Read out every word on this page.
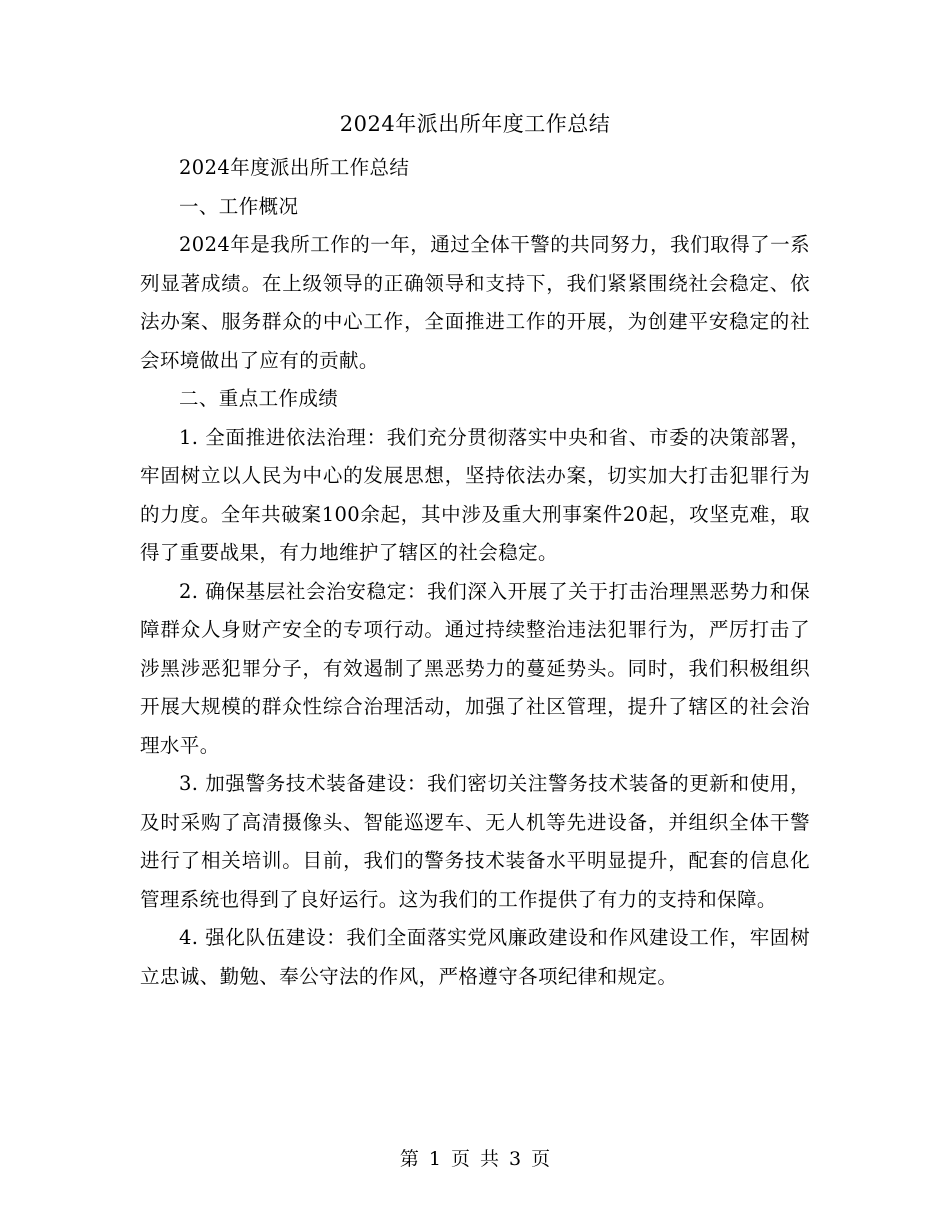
2024年派出所年度工作总结

2024年度派出所工作总结

一、工作概况

2024年是我所工作的一年，通过全体干警的共同努力，我们取得了一系列显著成绩。在上级领导的正确领导和支持下，我们紧紧围绕社会稳定、依法办案、服务群众的中心工作，全面推进工作的开展，为创建平安稳定的社会环境做出了应有的贡献。

二、重点工作成绩

1. 全面推进依法治理：我们充分贯彻落实中央和省、市委的决策部署，牢固树立以人民为中心的发展思想，坚持依法办案，切实加大打击犯罪行为的力度。全年共破案100余起，其中涉及重大刑事案件20起，攻坚克难，取得了重要战果，有力地维护了辖区的社会稳定。

2. 确保基层社会治安稳定：我们深入开展了关于打击治理黑恶势力和保障群众人身财产安全的专项行动。通过持续整治违法犯罪行为，严厉打击了涉黑涉恶犯罪分子，有效遏制了黑恶势力的蔓延势头。同时，我们积极组织开展大规模的群众性综合治理活动，加强了社区管理，提升了辖区的社会治理水平。

3. 加强警务技术装备建设：我们密切关注警务技术装备的更新和使用，及时采购了高清摄像头、智能巡逻车、无人机等先进设备，并组织全体干警进行了相关培训。目前，我们的警务技术装备水平明显提升，配套的信息化管理系统也得到了良好运行。这为我们的工作提供了有力的支持和保障。

4. 强化队伍建设：我们全面落实党风廉政建设和作风建设工作，牢固树立忠诚、勤勉、奉公守法的作风，严格遵守各项纪律和规定。

第 1 页 共 3 页
